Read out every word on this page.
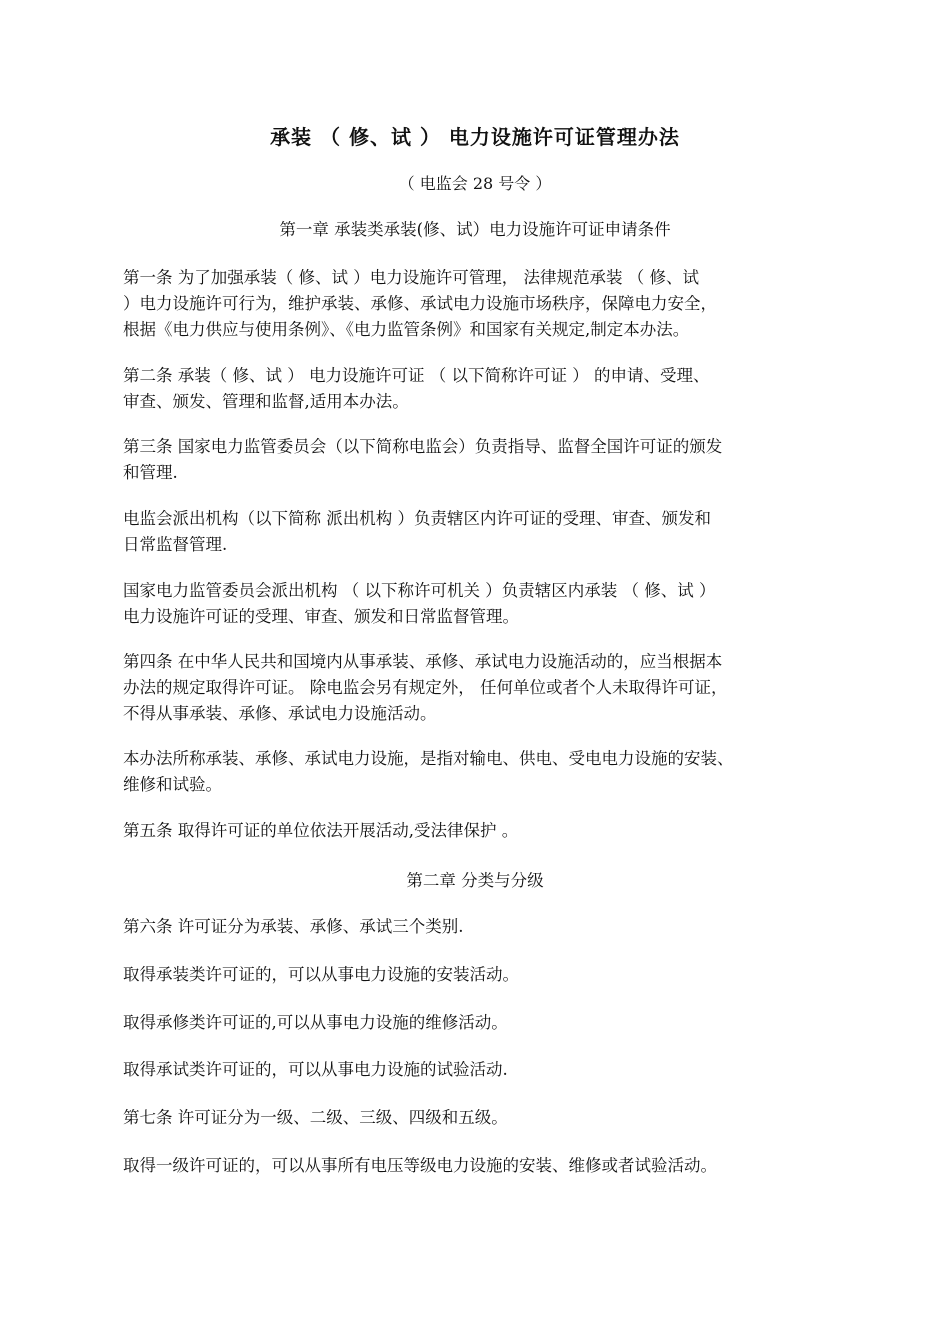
承装 （ 修、试 ） 电力设施许可证管理办法
（ 电监会 28 号令 ）
第一章 承装类承装(修、试）电力设施许可证申请条件
第一条 为了加强承装（ 修、试 ）电力设施许可管理， 法律规范承装 （ 修、试
）电力设施许可行为，维护承装、承修、承试电力设施市场秩序，保障电力安全，
根据《电力供应与使用条例》、《电力监管条例》和国家有关规定,制定本办法。
第二条 承装（ 修、试 ） 电力设施许可证 （ 以下简称许可证 ） 的申请、受理、
审查、颁发、管理和监督,适用本办法。
第三条 国家电力监管委员会（以下简称电监会）负责指导、监督全国许可证的颁发
和管理.
电监会派出机构（以下简称 派出机构 ）负责辖区内许可证的受理、审查、颁发和
日常监督管理.
国家电力监管委员会派出机构 （ 以下称许可机关 ）负责辖区内承装 （ 修、试 ）
电力设施许可证的受理、审查、颁发和日常监督管理。
第四条 在中华人民共和国境内从事承装、承修、承试电力设施活动的，应当根据本
办法的规定取得许可证。 除电监会另有规定外， 任何单位或者个人未取得许可证，
不得从事承装、承修、承试电力设施活动。
本办法所称承装、承修、承试电力设施，是指对输电、供电、受电电力设施的安装、
维修和试验。
第五条 取得许可证的单位依法开展活动,受法律保护 。
第二章 分类与分级
第六条 许可证分为承装、承修、承试三个类别.
取得承装类许可证的，可以从事电力设施的安装活动。
取得承修类许可证的,可以从事电力设施的维修活动。
取得承试类许可证的，可以从事电力设施的试验活动.
第七条 许可证分为一级、二级、三级、四级和五级。
取得一级许可证的，可以从事所有电压等级电力设施的安装、维修或者试验活动。
